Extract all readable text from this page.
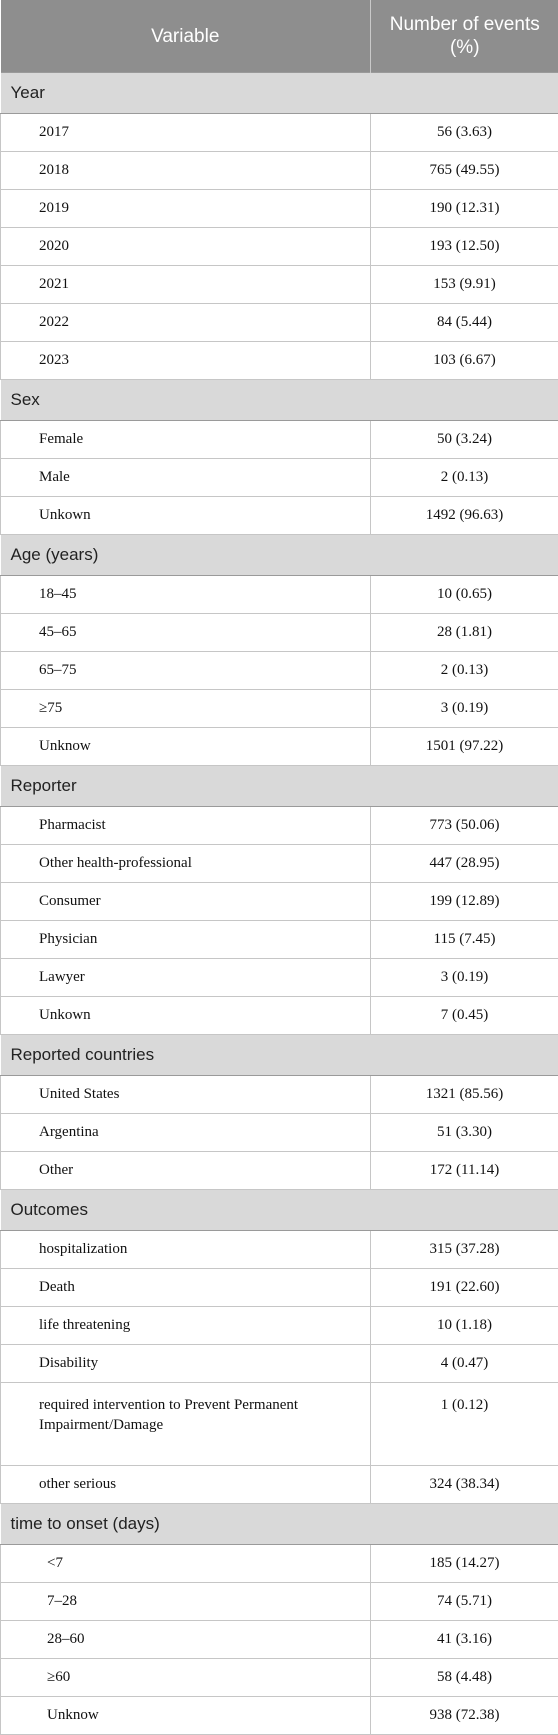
Variable	Number of events (%)
Year	
2017	56 (3.63)
2018	765 (49.55)
2019	190 (12.31)
2020	193 (12.50)
2021	153 (9.91)
2022	84 (5.44)
2023	103 (6.67)
Sex	
Female	50 (3.24)
Male	2 (0.13)
Unkown	1492 (96.63)
Age (years)	
18–45	10 (0.65)
45–65	28 (1.81)
65–75	2 (0.13)
≥75	3 (0.19)
Unknow	1501 (97.22)
Reporter	
Pharmacist	773 (50.06)
Other health-professional	447 (28.95)
Consumer	199 (12.89)
Physician	115 (7.45)
Lawyer	3 (0.19)
Unkown	7 (0.45)
Reported countries	
United States	1321 (85.56)
Argentina	51 (3.30)
Other	172 (11.14)
Outcomes	
hospitalization	315 (37.28)
Death	191 (22.60)
life threatening	10 (1.18)
Disability	4 (0.47)
required intervention to Prevent Permanent Impairment/Damage	1 (0.12)
other serious	324 (38.34)
time to onset (days)	
<7	185 (14.27)
7–28	74 (5.71)
28–60	41 (3.16)
≥60	58 (4.48)
Unknow	938 (72.38)
